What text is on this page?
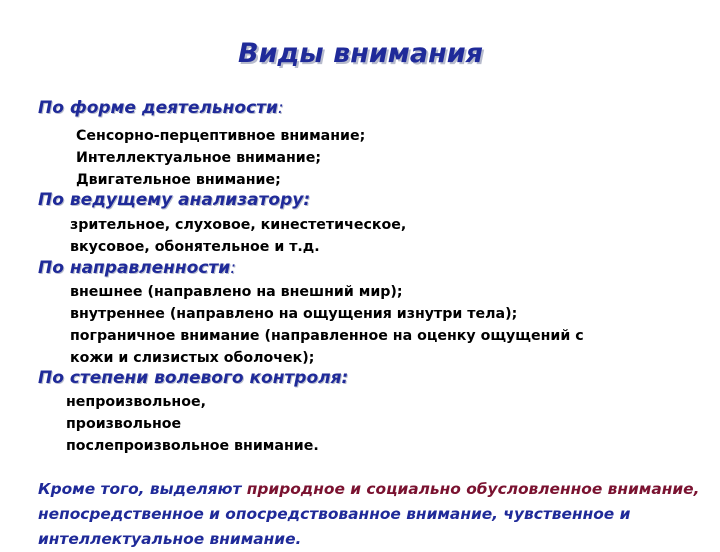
Виды внимания
По форме деятельности:
Сенсорно-перцептивное внимание;
Интеллектуальное внимание;
Двигательное внимание;
По ведущему анализатору:
зрительное, слуховое, кинестетическое,
вкусовое, обонятельное и т.д.
По направленности:
внешнее (направлено на внешний мир);
внутреннее (направлено на ощущения изнутри тела);
пограничное внимание (направленное на оценку ощущений с
кожи и слизистых оболочек);
По степени волевого контроля:
непроизвольное,
произвольное
послепроизвольное внимание.
Кроме того, выделяют природное и социально обусловленное внимание, непосредственное и опосредствованное внимание, чувственное и интеллектуальное внимание.
